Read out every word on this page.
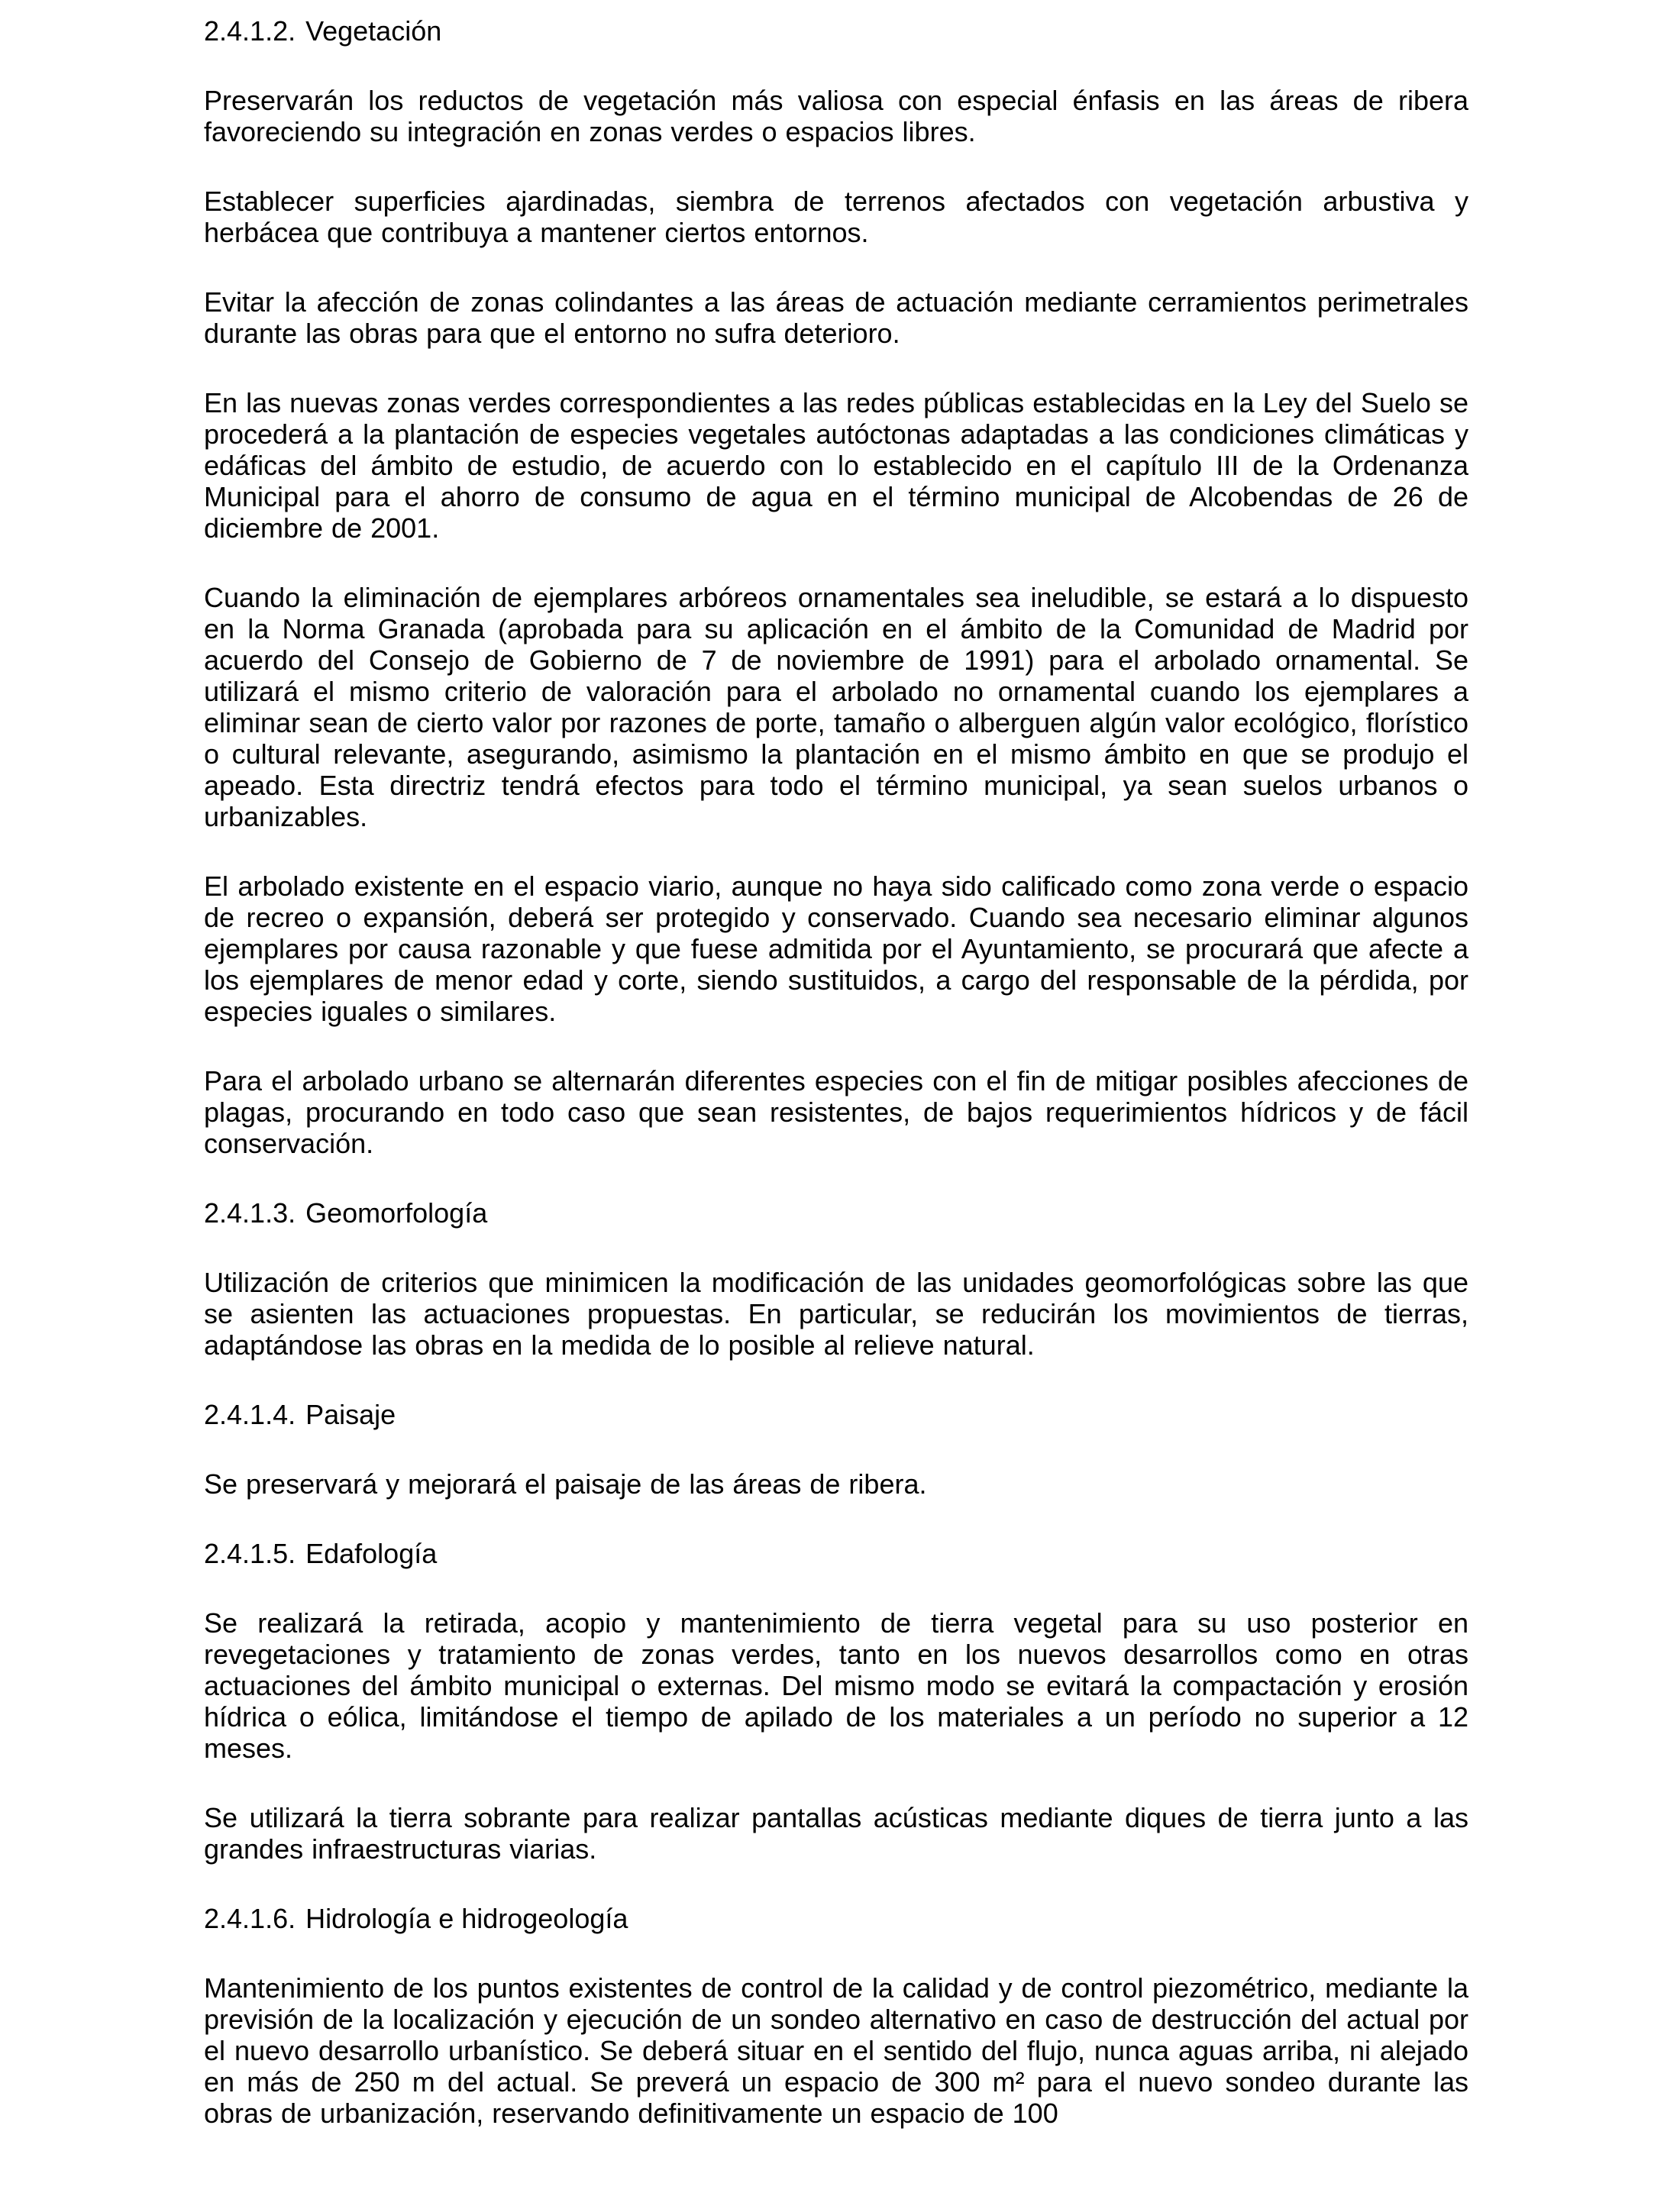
2.4.1.2. Vegetación

Preservarán los reductos de vegetación más valiosa con especial énfasis en las áreas de ribera favoreciendo su integración en zonas verdes o espacios libres.

Establecer superficies ajardinadas, siembra de terrenos afectados con vegetación arbustiva y herbácea que contribuya a mantener ciertos entornos.

Evitar la afección de zonas colindantes a las áreas de actuación mediante cerramientos perimetrales durante las obras para que el entorno no sufra deterioro.

En las nuevas zonas verdes correspondientes a las redes públicas establecidas en la Ley del Suelo se procederá a la plantación de especies vegetales autóctonas adaptadas a las condiciones climáticas y edáficas del ámbito de estudio, de acuerdo con lo establecido en el capítulo III de la Ordenanza Municipal para el ahorro de consumo de agua en el término municipal de Alcobendas de 26 de diciembre de 2001.

Cuando la eliminación de ejemplares arbóreos ornamentales sea ineludible, se estará a lo dispuesto en la Norma Granada (aprobada para su aplicación en el ámbito de la Comunidad de Madrid por acuerdo del Consejo de Gobierno de 7 de noviembre de 1991) para el arbolado ornamental. Se utilizará el mismo criterio de valoración para el arbolado no ornamental cuando los ejemplares a eliminar sean de cierto valor por razones de porte, tamaño o alberguen algún valor ecológico, florístico o cultural relevante, asegurando, asimismo la plantación en el mismo ámbito en que se produjo el apeado. Esta directriz tendrá efectos para todo el término municipal, ya sean suelos urbanos o urbanizables.

El arbolado existente en el espacio viario, aunque no haya sido calificado como zona verde o espacio de recreo o expansión, deberá ser protegido y conservado. Cuando sea necesario eliminar algunos ejemplares por causa razonable y que fuese admitida por el Ayuntamiento, se procurará que afecte a los ejemplares de menor edad y corte, siendo sustituidos, a cargo del responsable de la pérdida, por especies iguales o similares.

Para el arbolado urbano se alternarán diferentes especies con el fin de mitigar posibles afecciones de plagas, procurando en todo caso que sean resistentes, de bajos requerimientos hídricos y de fácil conservación.

2.4.1.3. Geomorfología

Utilización de criterios que minimicen la modificación de las unidades geomorfológicas sobre las que se asienten las actuaciones propuestas. En particular, se reducirán los movimientos de tierras, adaptándose las obras en la medida de lo posible al relieve natural.

2.4.1.4. Paisaje

Se preservará y mejorará el paisaje de las áreas de ribera.

2.4.1.5. Edafología

Se realizará la retirada, acopio y mantenimiento de tierra vegetal para su uso posterior en revegetaciones y tratamiento de zonas verdes, tanto en los nuevos desarrollos como en otras actuaciones del ámbito municipal o externas. Del mismo modo se evitará la compactación y erosión hídrica o eólica, limitándose el tiempo de apilado de los materiales a un período no superior a 12 meses.

Se utilizará la tierra sobrante para realizar pantallas acústicas mediante diques de tierra junto a las grandes infraestructuras viarias.

2.4.1.6. Hidrología e hidrogeología

Mantenimiento de los puntos existentes de control de la calidad y de control piezométrico, mediante la previsión de la localización y ejecución de un sondeo alternativo en caso de destrucción del actual por el nuevo desarrollo urbanístico. Se deberá situar en el sentido del flujo, nunca aguas arriba, ni alejado en más de 250 m del actual. Se preverá un espacio de 300 m² para el nuevo sondeo durante las obras de urbanización, reservando definitivamente un espacio de 100
